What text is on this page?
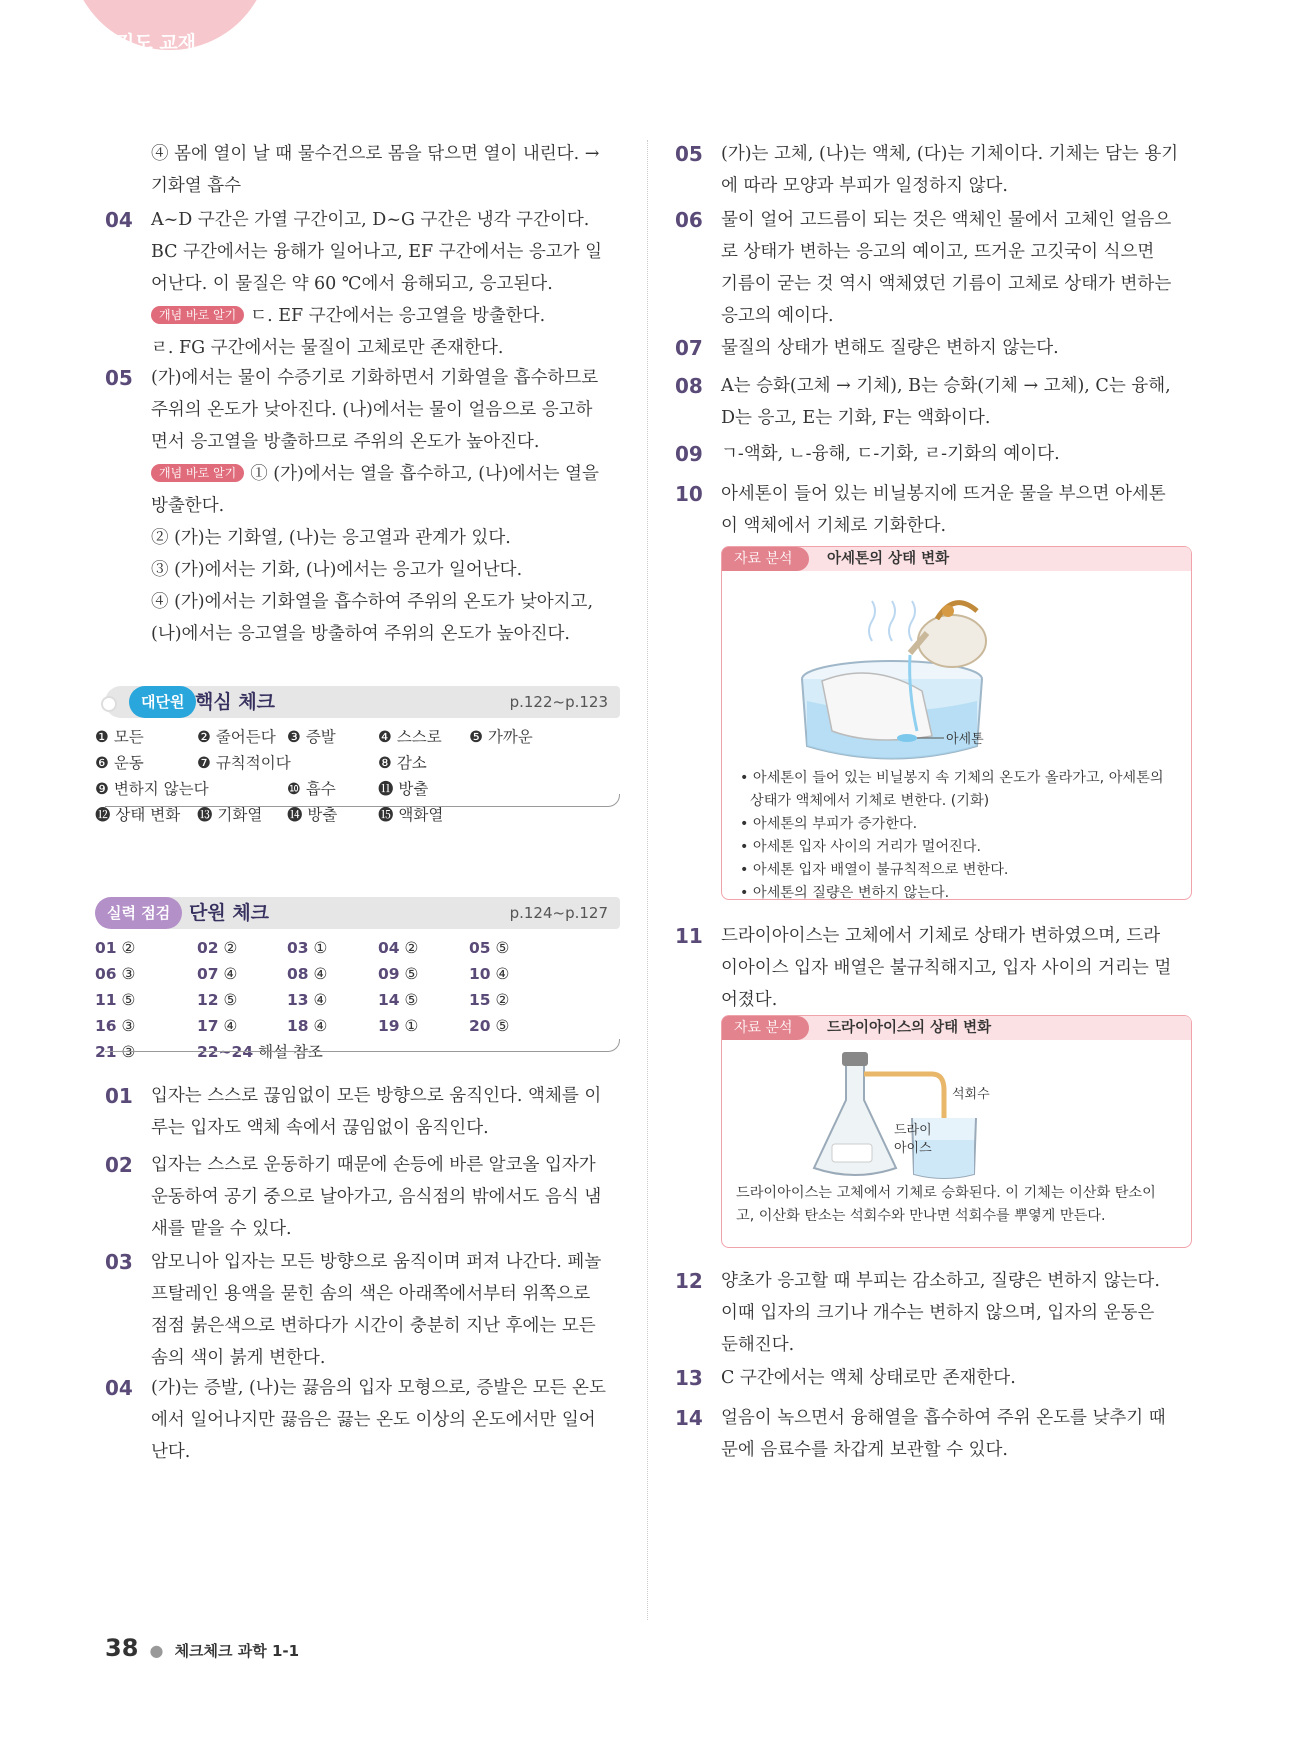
진도 교재

④ 몸에 열이 날 때 물수건으로 몸을 닦으면 열이 내린다. →

기화열 흡수

04 A~D 구간은 가열 구간이고, D~G 구간은 냉각 구간이다.

BC 구간에서는 융해가 일어나고, EF 구간에서는 응고가 일

어난다. 이 물질은 약 60 ℃에서 융해되고, 응고된다.

개념 바로 알기 ㄷ. EF 구간에서는 응고열을 방출한다.

ㄹ. FG 구간에서는 물질이 고체로만 존재한다.

05 (가)에서는 물이 수증기로 기화하면서 기화열을 흡수하므로

주위의 온도가 낮아진다. (나)에서는 물이 얼음으로 응고하

면서 응고열을 방출하므로 주위의 온도가 높아진다.

개념 바로 알기 ① (가)에서는 열을 흡수하고, (나)에서는 열을

방출한다.

② (가)는 기화열, (나)는 응고열과 관계가 있다.

③ (가)에서는 기화, (나)에서는 응고가 일어난다.

④ (가)에서는 기화열을 흡수하여 주위의 온도가 낮아지고,

(나)에서는 응고열을 방출하여 주위의 온도가 높아진다.

대단원 핵심 체크	p.122~p.123
❶ 모든	❷ 줄어든다 ❸ 증발	❹ 스스로 ❺ 가까운
❻ 운동	❼ 규칙적이다	❽ 감소
❾ 변하지 않는다	❿ 흡수	⓫ 방출
⓬ 상태 변화 ⓭ 기화열 ⓮ 방출	⓯ 액화열
실력 점검 단원 체크	p.124~p.127
01 ②	02 ②	03 ①	04 ②	05 ⑤
06 ③	07 ④	08 ④	09 ⑤	10 ④
11 ⑤	12 ⑤	13 ④	14 ⑤	15 ②
16 ③	17 ④	18 ④	19 ①	20 ⑤
21 ③	22~24 해설 참조
01 입자는 스스로 끊임없이 모든 방향으로 움직인다. 액체를 이

루는 입자도 액체 속에서 끊임없이 움직인다.

02 입자는 스스로 운동하기 때문에 손등에 바른 알코올 입자가

운동하여 공기 중으로 날아가고, 음식점의 밖에서도 음식 냄

새를 맡을 수 있다.

03 암모니아 입자는 모든 방향으로 움직이며 퍼져 나간다. 페놀

프탈레인 용액을 묻힌 솜의 색은 아래쪽에서부터 위쪽으로

점점 붉은색으로 변하다가 시간이 충분히 지난 후에는 모든

솜의 색이 붉게 변한다.

04 (가)는 증발, (나)는 끓음의 입자 모형으로, 증발은 모든 온도

에서 일어나지만 끓음은 끓는 온도 이상의 온도에서만 일어

난다.

05 (가)는 고체, (나)는 액체, (다)는 기체이다. 기체는 담는 용기

에 따라 모양과 부피가 일정하지 않다.

06 물이 얼어 고드름이 되는 것은 액체인 물에서 고체인 얼음으

로 상태가 변하는 응고의 예이고, 뜨거운 고깃국이 식으면

기름이 굳는 것 역시 액체였던 기름이 고체로 상태가 변하는

응고의 예이다.

07 물질의 상태가 변해도 질량은 변하지 않는다.

08 A는 승화(고체 → 기체), B는 승화(기체 → 고체), C는 융해,

D는 응고, E는 기화, F는 액화이다.

09 ㄱ-액화, ㄴ-융해, ㄷ-기화, ㄹ-기화의 예이다.

10 아세톤이 들어 있는 비닐봉지에 뜨거운 물을 부으면 아세톤

이 액체에서 기체로 기화한다.

자료 분석	아세톤의 상태 변화
아세톤

• 아세톤이 들어 있는 비닐봉지 속 기체의 온도가 올라가고, 아세톤의 상태가 액체에서 기체로 변한다. (기화)

• 아세톤의 부피가 증가한다.

• 아세톤 입자 사이의 거리가 멀어진다.

• 아세톤 입자 배열이 불규칙적으로 변한다.

• 아세톤의 질량은 변하지 않는다.

11 드라이아이스는 고체에서 기체로 상태가 변하였으며, 드라

이아이스 입자 배열은 불규칙해지고, 입자 사이의 거리는 멀

어졌다.

자료 분석	드라이아이스의 상태 변화
석회수
드라이
아이스

드라이아이스는 고체에서 기체로 승화된다. 이 기체는 이산화 탄소이

고, 이산화 탄소는 석회수와 만나면 석회수를 뿌옇게 만든다.

12 양초가 응고할 때 부피는 감소하고, 질량은 변하지 않는다.

이때 입자의 크기나 개수는 변하지 않으며, 입자의 운동은

둔해진다.

13 C 구간에서는 액체 상태로만 존재한다.

14 얼음이 녹으면서 융해열을 흡수하여 주위 온도를 낮추기 때

문에 음료수를 차갑게 보관할 수 있다.

38 ● 체크체크 과학 1-1
